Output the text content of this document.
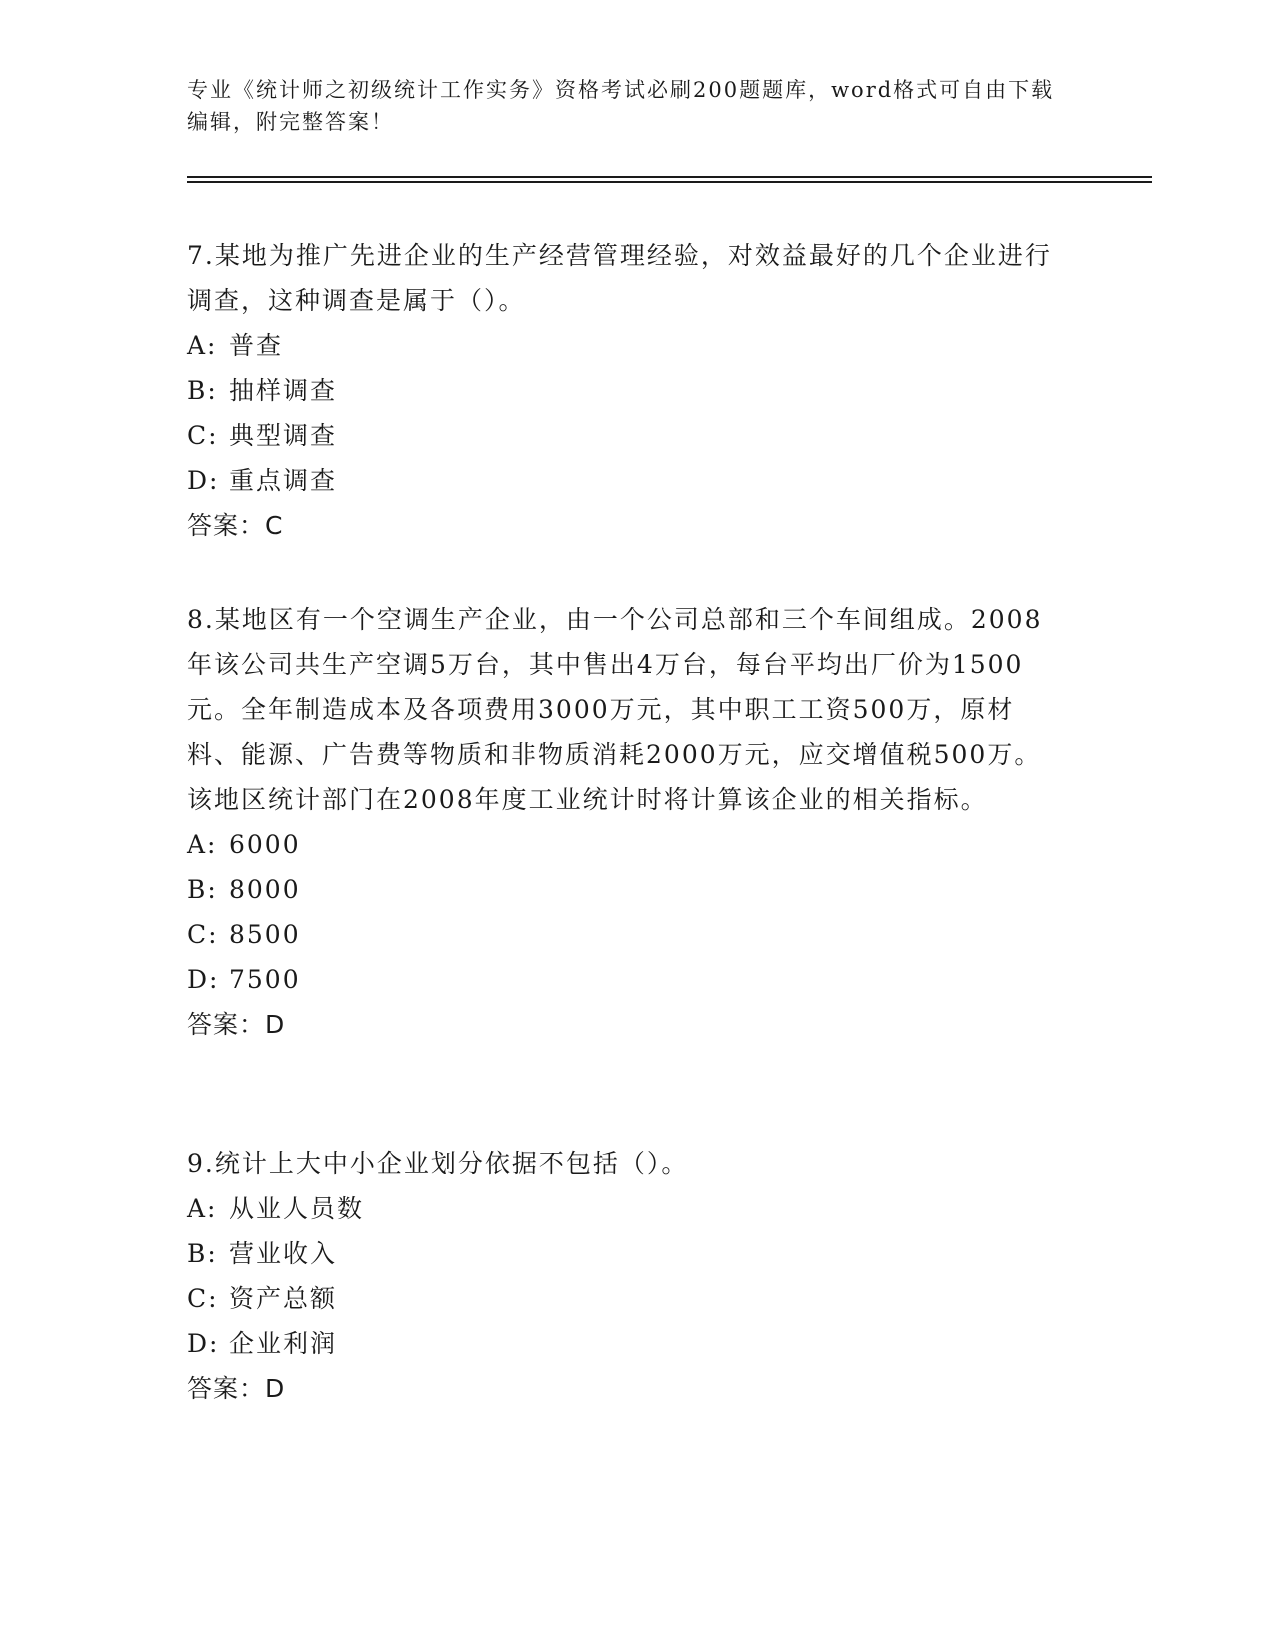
专业《统计师之初级统计工作实务》资格考试必刷200题题库，word格式可自由下载编辑，附完整答案！

7.某地为推广先进企业的生产经营管理经验，对效益最好的几个企业进行调查，这种调查是属于（）。

A: 普查

B: 抽样调查

C: 典型调查

D: 重点调查

答案：C

8.某地区有一个空调生产企业，由一个公司总部和三个车间组成。2008年该公司共生产空调5万台，其中售出4万台，每台平均出厂价为1500元。全年制造成本及各项费用3000万元，其中职工工资500万，原材料、能源、广告费等物质和非物质消耗2000万元，应交增值税500万。该地区统计部门在2008年度工业统计时将计算该企业的相关指标。

A: 6000

B: 8000

C: 8500

D: 7500

答案：D

9.统计上大中小企业划分依据不包括（）。

A: 从业人员数

B: 营业收入

C: 资产总额

D: 企业利润

答案：D
